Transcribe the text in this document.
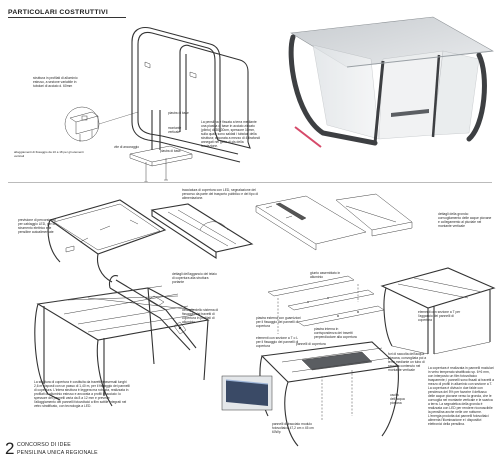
PARTICOLARI COSTRUTTIVI
struttura in profilati di alluminio estruso, a sezione variabile in tubolari di acciaio d. 60mm
alloggiamenti di fissaggio da 10 a 18 per gli elementi verticali
piastra di base
montante verticale
vite di ancoraggio
piastra di base
La pensilina è fissata a terra mediante una piastra di base in acciaio zincato (plinto) di 30x30cm, spessore 10mm, sulla quale sono saldati i tubolari della struttura; ancorata a mezzo di 4 tirafondi annegati nel getto di cls della fondazione.
previsione di percorsi cavi per cablaggio LED, per lo strumento elettrico e le pensiline autoalimentate
tracciatura di copertura con LED, segnalazione del percorso da parte del trasporto pubblico e del tipo di alimentazione.
dettagli dell'aggancio del telaio di copertura alla struttura portante
dettaglio dello sistema di fissaggio dei travetti di copertura in profilati di alluminio
dettagli della gronda: convogliamento delle acque piovane e collegamento al pluviale nel montante verticale
giunto assemblato in alluminio
piastra esterna con guarnizioni per il fissaggio dei pannelli di copertura
elementi con sezione a T o L per il fissaggio dei pannelli di copertura
piastra interna in corrispondenza dei travetti perpendicolare alla copertura
elementi con sezione a T per l'aggancio dei pannelli di copertura
La struttura di copertura è costituita da travetti trasversali lunghi 2,6 m disposti con un passo di 1,40 m, per il fissaggio dei pannelli di copertura. L'intera struttura è leggera ma robusta, realizzata in profilati di alluminio estruso e ancorata a profili in acciaio: lo spessore dei pannelli varia da 8 a 12 mm e prevede l'alloggiamento dei pannelli fotovoltaici a film sottile integrati nel vetro stratificato, con tecnologia a LED.
pannelli di copertura
fori di raccolta dell'acqua piovana, convogliata poi a terra mediante un tubo di raccolta contenuto nel montante verticale
uscita dell'acqua piovana
pannelli di tracciato modulo fotovoltaico 47,2 cm x 45 cm 60Wp
La copertura è realizzata in pannelli modulari in vetro temperato stratificato sp. 6+6 mm, con interposto un film fotovoltaico trasparente; i pannelli sono fissati ai travetti a mezzo di profili in alluminio con sezione a T. La copertura è divisa in due falde con pendenza del 5% per favorire il deflusso delle acque piovane verso la gronda, che le convoglia nel montante verticale e le scarica a terra. La segnaletica della gronda è realizzata con LED per rendere riconoscibile la pensilina anche nelle ore notturne. L'energia prodotta dai pannelli fotovoltaici alimenta l'illuminazione e i dispositivi elettronici della pensilina.
2 CONCORSO DI IDEE
PENSILINA UNICA REGIONALE
